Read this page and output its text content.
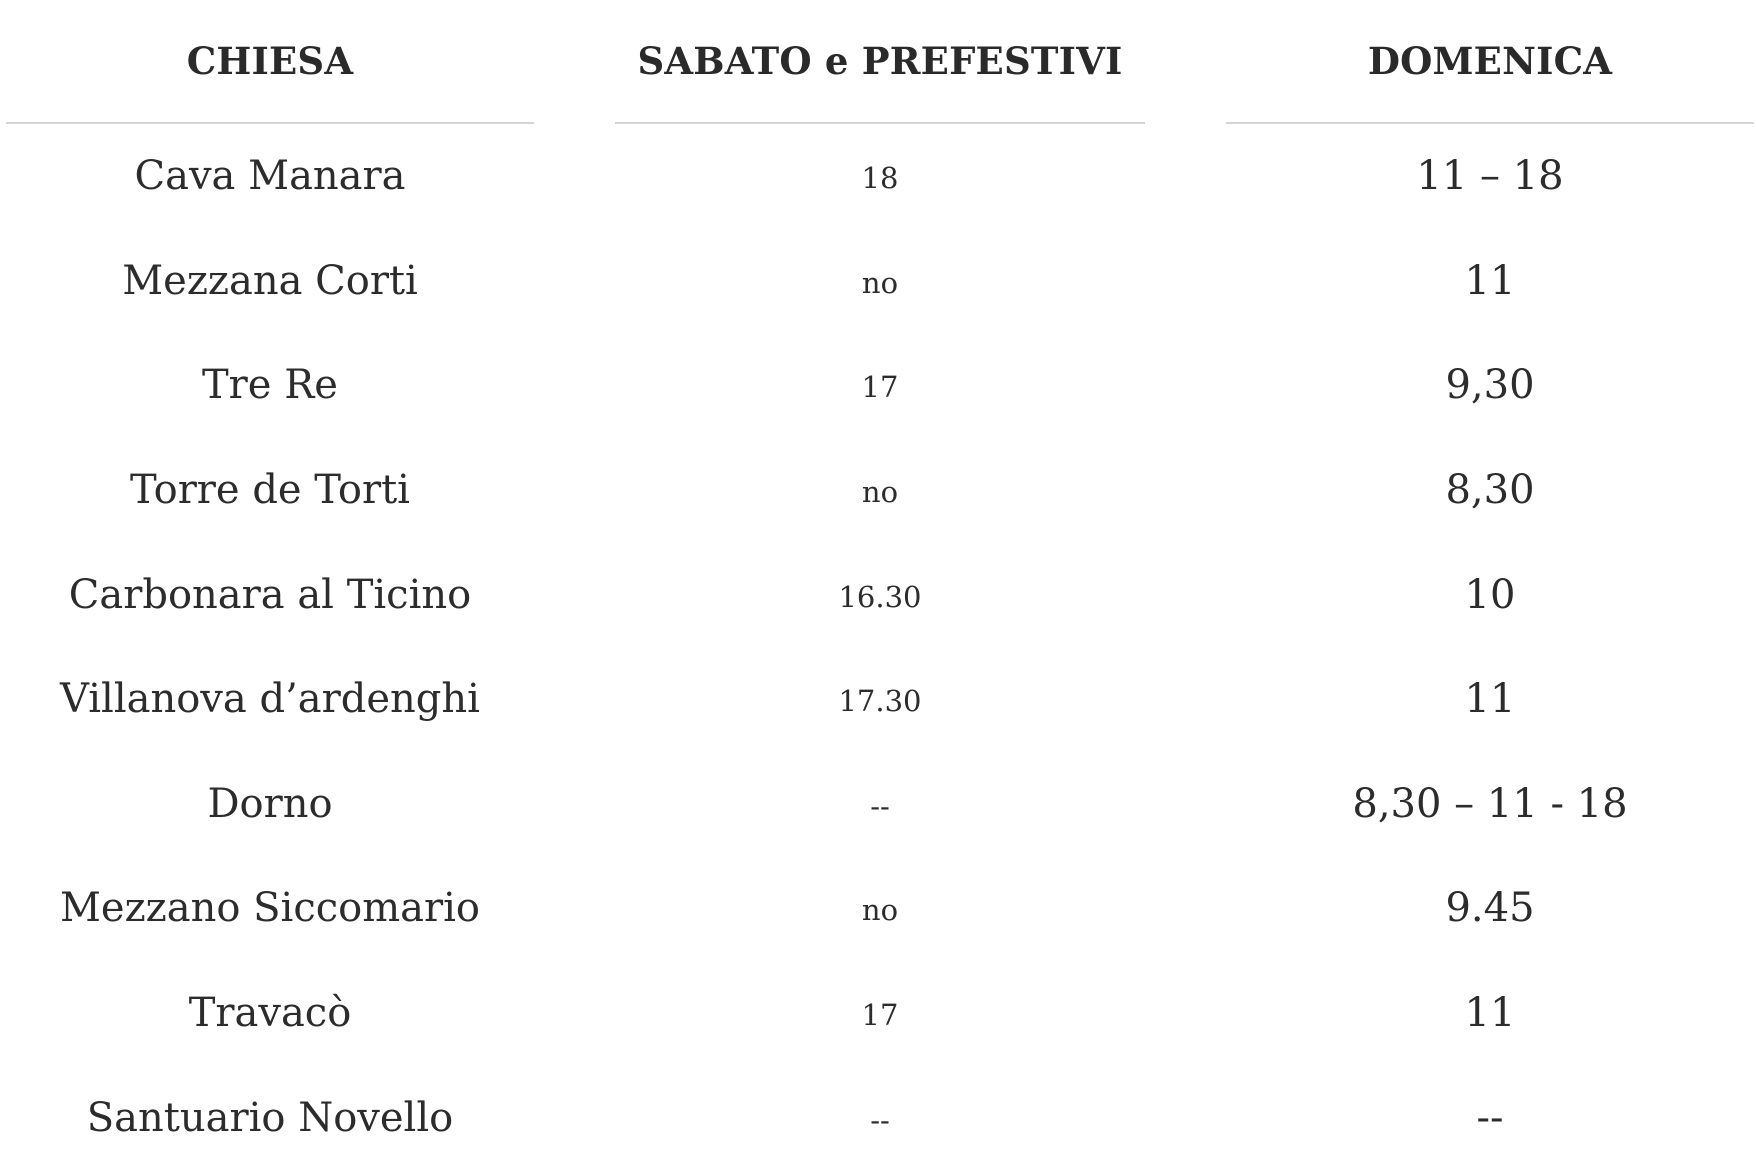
CHIESA	SABATO e PREFESTIVI	DOMENICA
Cava Manara	18	11 – 18
Mezzana Corti	no	11
Tre Re	17	9,30
Torre de Torti	no	8,30
Carbonara al Ticino	16.30	10
Villanova d’ardenghi	17.30	11
Dorno	--	8,30 – 11 - 18
Mezzano Siccomario	no	9.45
Travacò	17	11
Santuario Novello	--	--
